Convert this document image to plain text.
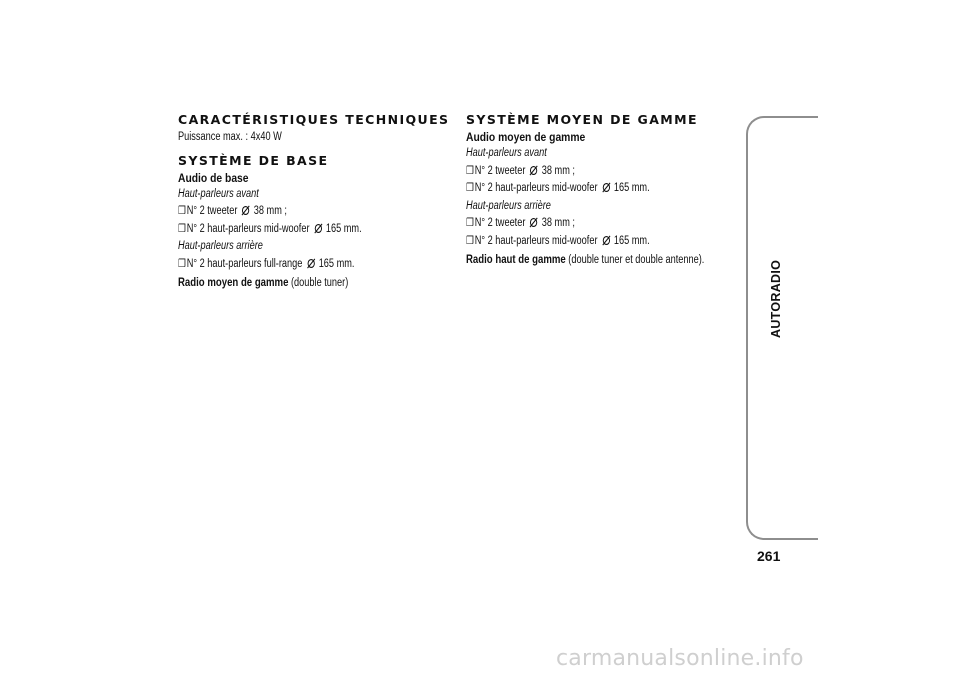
CARACTÉRISTIQUES TECHNIQUES
Puissance max. : 4x40 W
SYSTÈME DE BASE
Audio de base
Haut-parleurs avant
❒N° 2 tweeter  38 mm ;
❒N° 2 haut-parleurs mid-woofer  165 mm.
Haut-parleurs arrière
❒N° 2 haut-parleurs full-range  165 mm.
Radio moyen de gamme (double tuner)
SYSTÈME MOYEN DE GAMME
Audio moyen de gamme
Haut-parleurs avant
❒N° 2 tweeter  38 mm ;
❒N° 2 haut-parleurs mid-woofer  165 mm.
Haut-parleurs arrière
❒N° 2 tweeter  38 mm ;
❒N° 2 haut-parleurs mid-woofer  165 mm.
Radio haut de gamme (double tuner et double antenne).
AUTORADIO
261
carmanualsonline.info
